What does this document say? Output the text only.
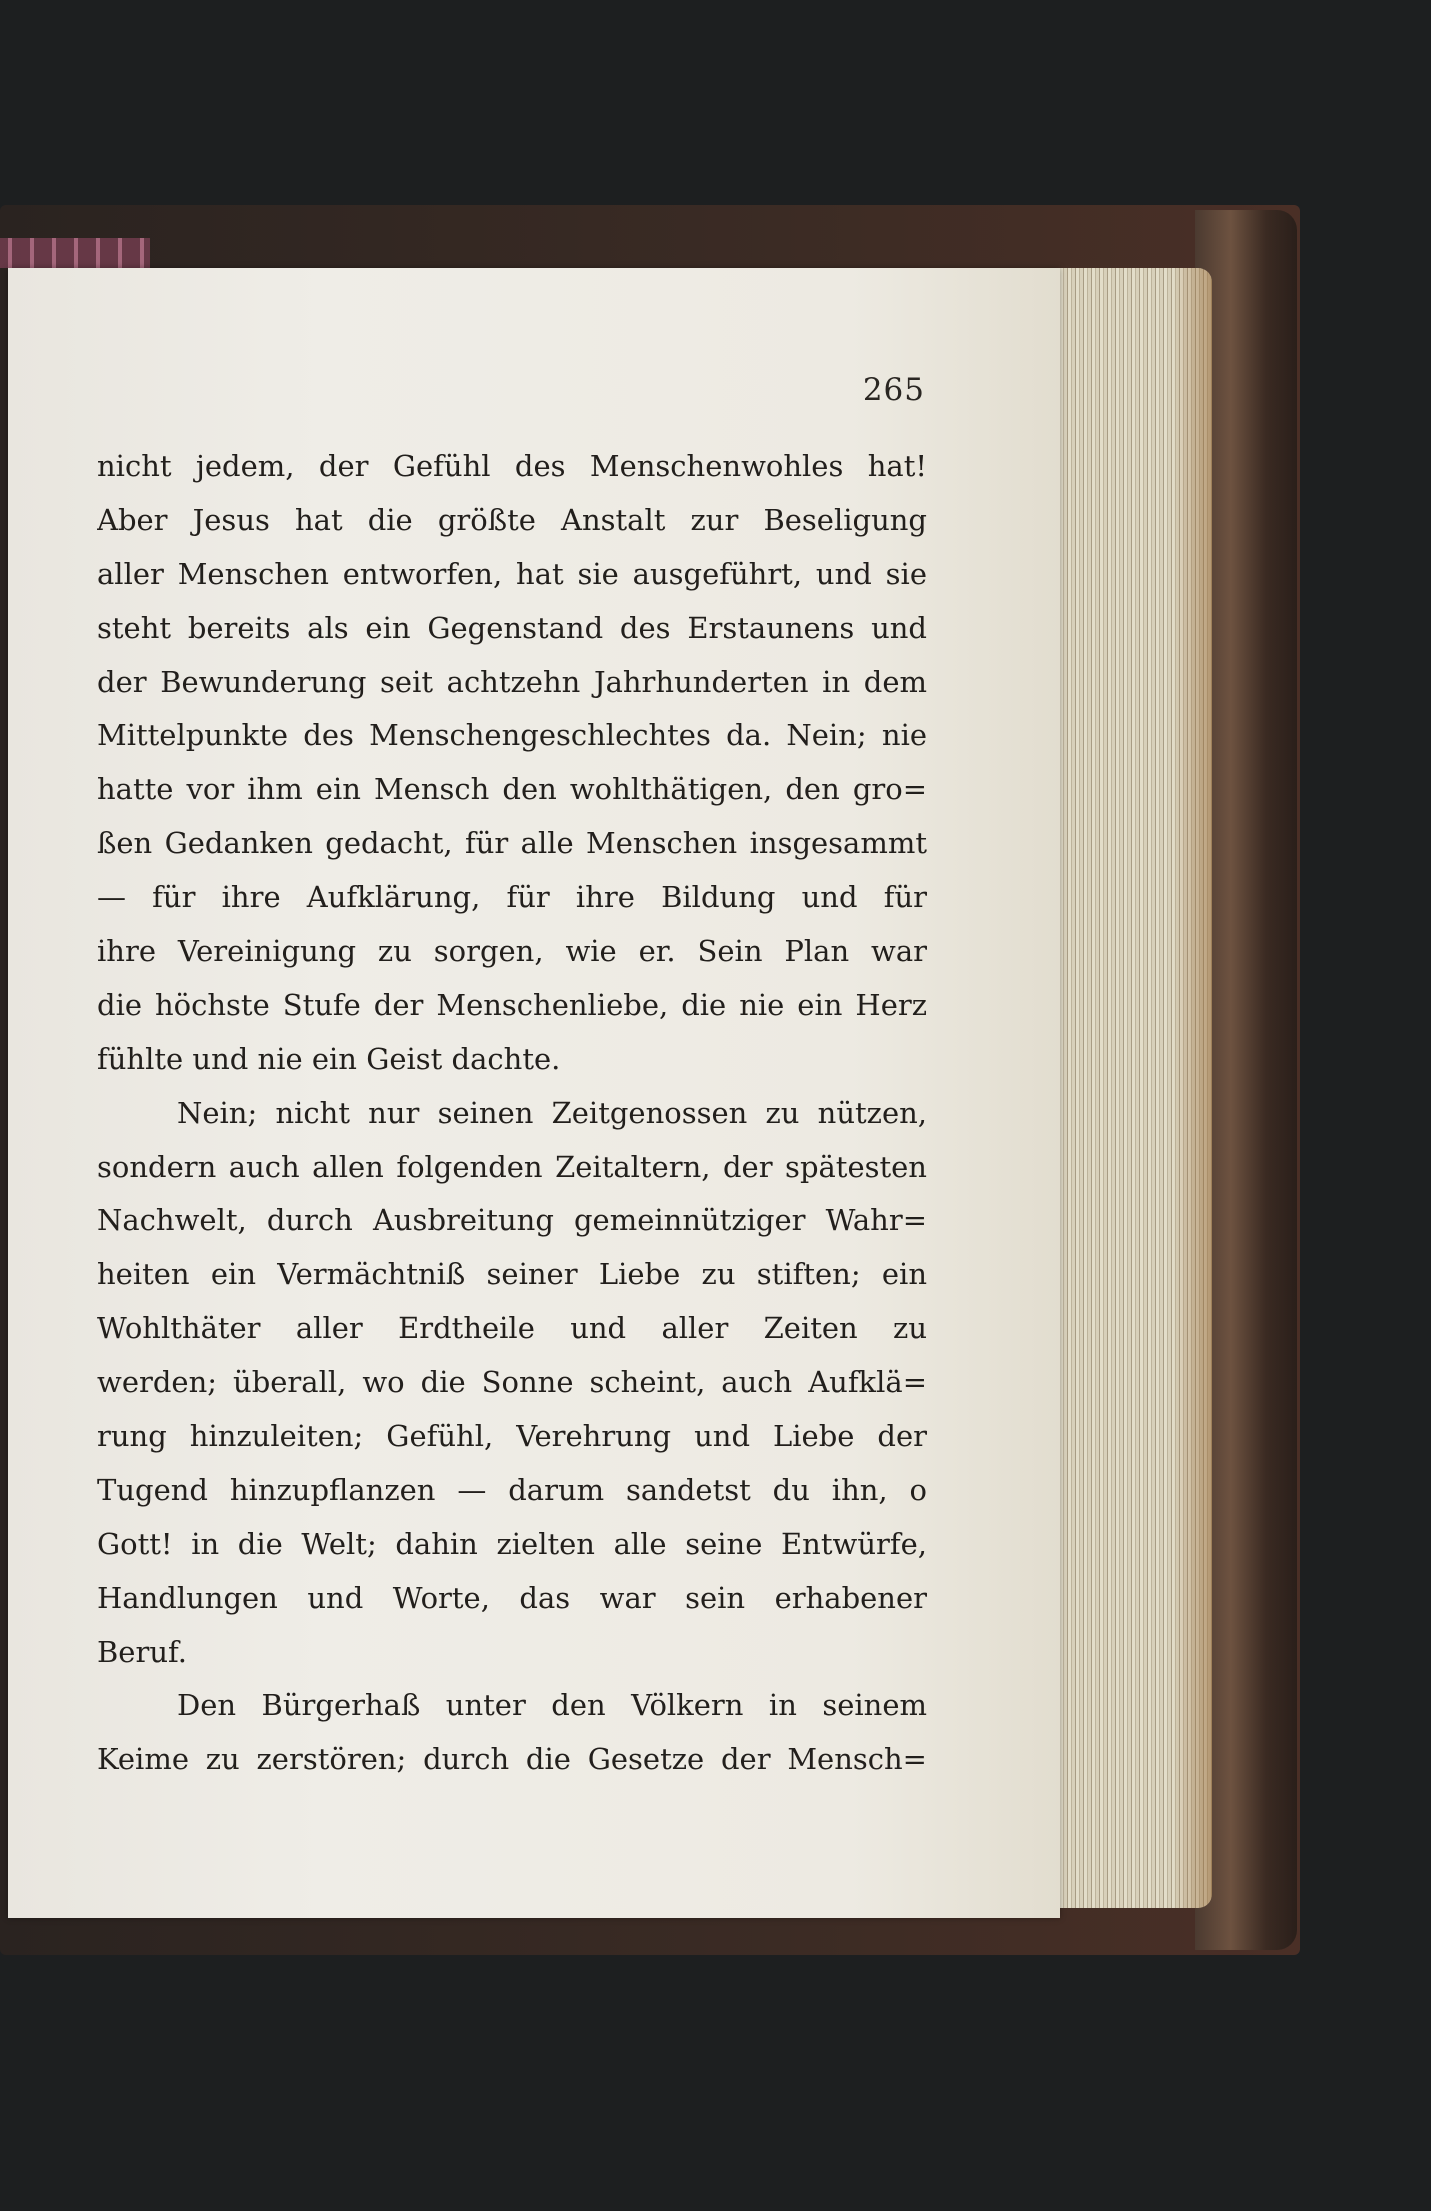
265
nicht jedem, der Gefühl des Menschenwohles hat!
Aber Jesus hat die größte Anstalt zur Beseligung
aller Menschen entworfen, hat sie ausgeführt, und sie
steht bereits als ein Gegenstand des Erstaunens und
der Bewunderung seit achtzehn Jahrhunderten in dem
Mittelpunkte des Menschengeschlechtes da. Nein; nie
hatte vor ihm ein Mensch den wohlthätigen, den gro=
ßen Gedanken gedacht, für alle Menschen insgesammt
— für ihre Aufklärung, für ihre Bildung und für
ihre Vereinigung zu sorgen, wie er. Sein Plan war
die höchste Stufe der Menschenliebe, die nie ein Herz
fühlte und nie ein Geist dachte.
Nein; nicht nur seinen Zeitgenossen zu nützen,
sondern auch allen folgenden Zeitaltern, der spätesten
Nachwelt, durch Ausbreitung gemeinnütziger Wahr=
heiten ein Vermächtniß seiner Liebe zu stiften; ein
Wohlthäter aller Erdtheile und aller Zeiten zu
werden; überall, wo die Sonne scheint, auch Aufklä=
rung hinzuleiten; Gefühl, Verehrung und Liebe der
Tugend hinzupflanzen — darum sandetst du ihn, o
Gott! in die Welt; dahin zielten alle seine Entwürfe,
Handlungen und Worte, das war sein erhabener
Beruf.
Den Bürgerhaß unter den Völkern in seinem
Keime zu zerstören; durch die Gesetze der Mensch=
